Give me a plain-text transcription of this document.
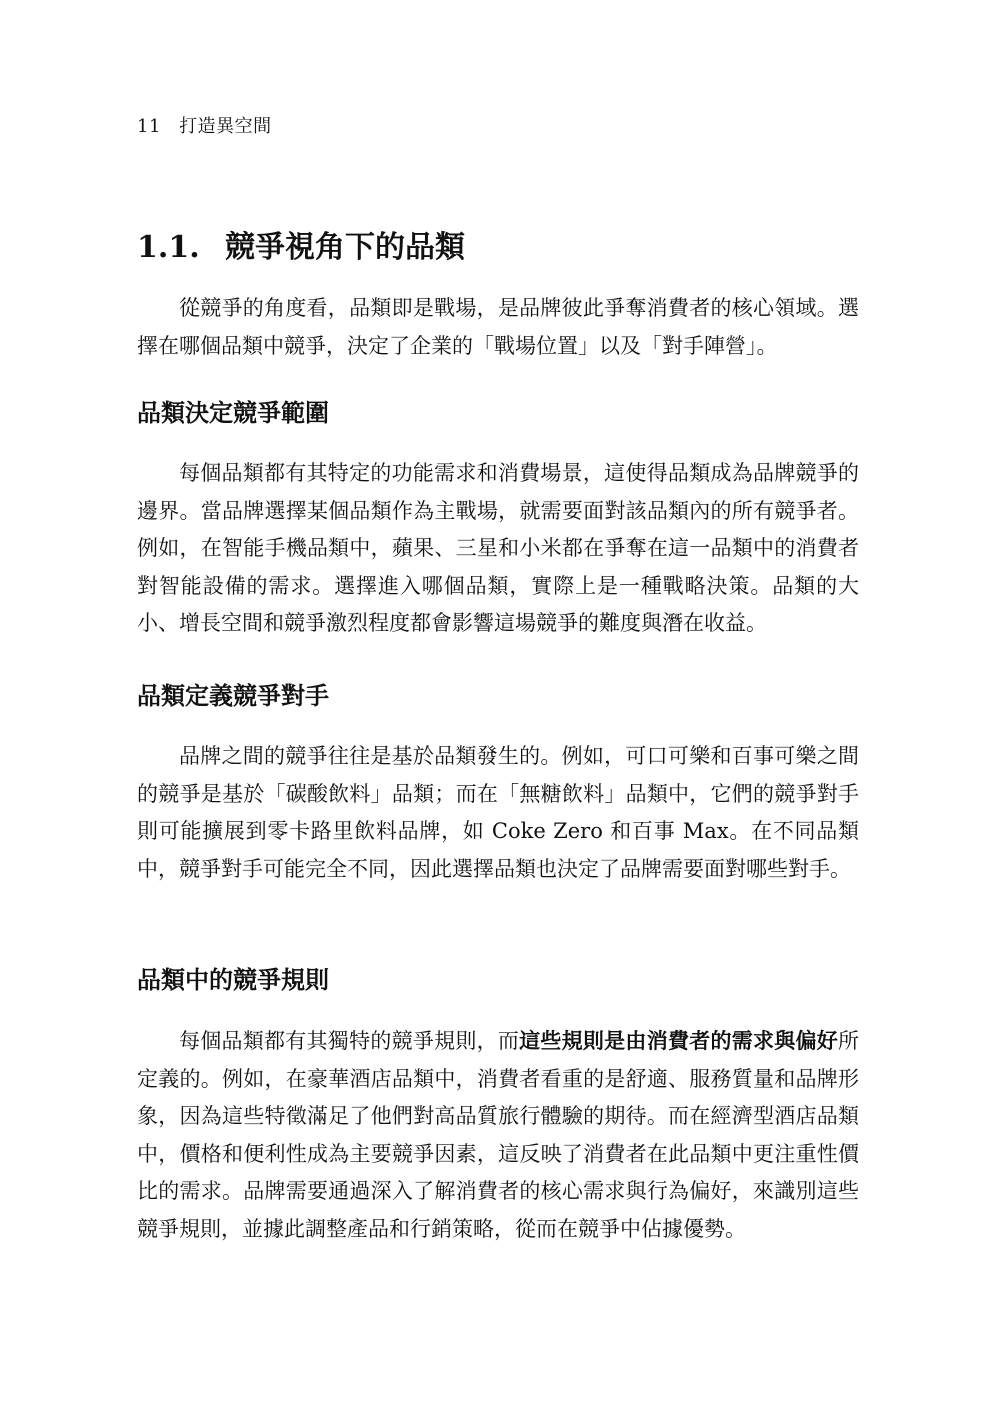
11 打造異空間
1.1. 競爭視角下的品類

從競爭的角度看，品類即是戰場，是品牌彼此爭奪消費者的核心領域。選擇在哪個品類中競爭，決定了企業的「戰場位置」以及「對手陣營」。

品類決定競爭範圍

每個品類都有其特定的功能需求和消費場景，這使得品類成為品牌競爭的邊界。當品牌選擇某個品類作為主戰場，就需要面對該品類內的所有競爭者。例如，在智能手機品類中，蘋果、三星和小米都在爭奪在這一品類中的消費者對智能設備的需求。選擇進入哪個品類，實際上是一種戰略決策。品類的大小、增長空間和競爭激烈程度都會影響這場競爭的難度與潛在收益。

品類定義競爭對手

品牌之間的競爭往往是基於品類發生的。例如，可口可樂和百事可樂之間的競爭是基於「碳酸飲料」品類；而在「無糖飲料」品類中，它們的競爭對手則可能擴展到零卡路里飲料品牌，如 Coke Zero 和百事 Max。在不同品類中，競爭對手可能完全不同，因此選擇品類也決定了品牌需要面對哪些對手。

品類中的競爭規則

每個品類都有其獨特的競爭規則，而這些規則是由消費者的需求與偏好所定義的。例如，在豪華酒店品類中，消費者看重的是舒適、服務質量和品牌形象，因為這些特徵滿足了他們對高品質旅行體驗的期待。而在經濟型酒店品類中，價格和便利性成為主要競爭因素，這反映了消費者在此品類中更注重性價比的需求。品牌需要通過深入了解消費者的核心需求與行為偏好，來識別這些競爭規則，並據此調整產品和行銷策略，從而在競爭中佔據優勢。
